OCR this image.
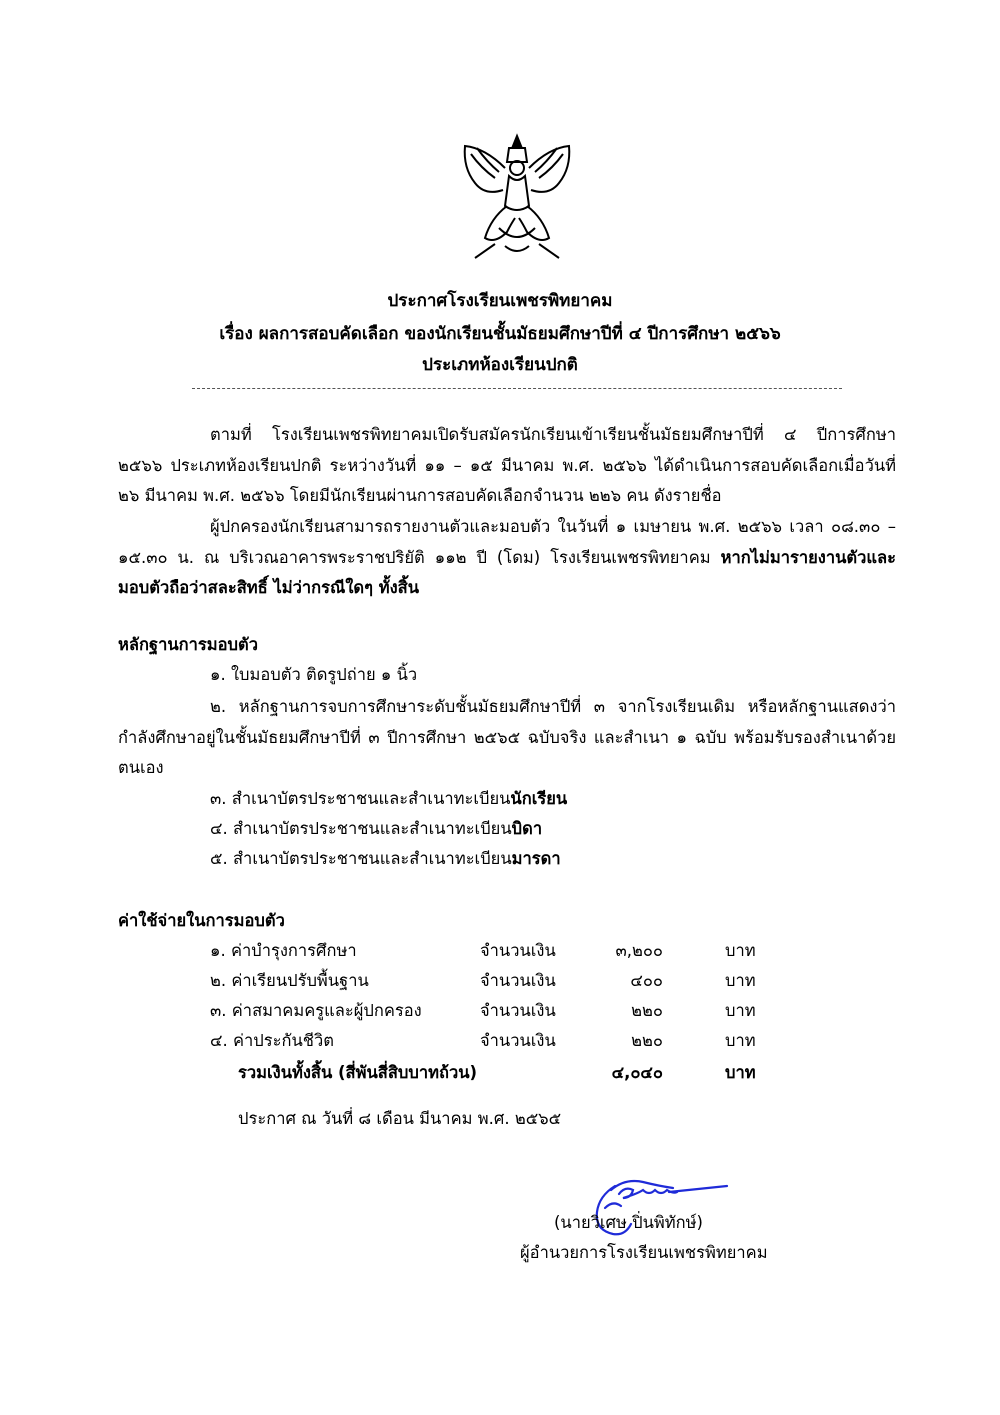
ประกาศโรงเรียนเพชรพิทยาคม
เรื่อง ผลการสอบคัดเลือก ของนักเรียนชั้นมัธยมศึกษาปีที่ ๔ ปีการศึกษา ๒๕๖๖
ประเภทห้องเรียนปกติ
ตามที่ โรงเรียนเพชรพิทยาคมเปิดรับสมัครนักเรียนเข้าเรียนชั้นมัธยมศึกษาปีที่ ๔ ปีการศึกษา ๒๕๖๖ ประเภทห้องเรียนปกติ ระหว่างวันที่ ๑๑ – ๑๕ มีนาคม พ.ศ. ๒๕๖๖ ได้ดำเนินการสอบคัดเลือกเมื่อวันที่ ๒๖ มีนาคม พ.ศ. ๒๕๖๖ โดยมีนักเรียนผ่านการสอบคัดเลือกจำนวน ๒๒๖ คน ดังรายชื่อ
ผู้ปกครองนักเรียนสามารถรายงานตัวและมอบตัว ในวันที่ ๑ เมษายน พ.ศ. ๒๕๖๖ เวลา ๐๘.๓๐ – ๑๕.๓๐ น. ณ บริเวณอาคารพระราชปริยัติ ๑๑๒ ปี (โดม) โรงเรียนเพชรพิทยาคม หากไม่มารายงานตัวและมอบตัวถือว่าสละสิทธิ์ ไม่ว่ากรณีใดๆ ทั้งสิ้น
หลักฐานการมอบตัว
๑. ใบมอบตัว ติดรูปถ่าย ๑ นิ้ว
๒. หลักฐานการจบการศึกษาระดับชั้นมัธยมศึกษาปีที่ ๓ จากโรงเรียนเดิม หรือหลักฐานแสดงว่ากำลังศึกษาอยู่ในชั้นมัธยมศึกษาปีที่ ๓ ปีการศึกษา ๒๕๖๕ ฉบับจริง และสำเนา ๑ ฉบับ พร้อมรับรองสำเนาด้วยตนเอง
๓. สำเนาบัตรประชาชนและสำเนาทะเบียนนักเรียน
๔. สำเนาบัตรประชาชนและสำเนาทะเบียนบิดา
๕. สำเนาบัตรประชาชนและสำเนาทะเบียนมารดา
ค่าใช้จ่ายในการมอบตัว
๑. ค่าบำรุงการศึกษา	จำนวนเงิน	๓,๒๐๐	บาท
๒. ค่าเรียนปรับพื้นฐาน	จำนวนเงิน	๔๐๐	บาท
๓. ค่าสมาคมครูและผู้ปกครอง	จำนวนเงิน	๒๒๐	บาท
๔. ค่าประกันชีวิต	จำนวนเงิน	๒๒๐	บาท
รวมเงินทั้งสิ้น (สี่พันสี่สิบบาทถ้วน)	๔,๐๔๐	บาท
ประกาศ ณ วันที่ ๘ เดือน มีนาคม พ.ศ. ๒๕๖๕
(นายวิเศษ ปิ่นพิทักษ์)
ผู้อำนวยการโรงเรียนเพชรพิทยาคม
